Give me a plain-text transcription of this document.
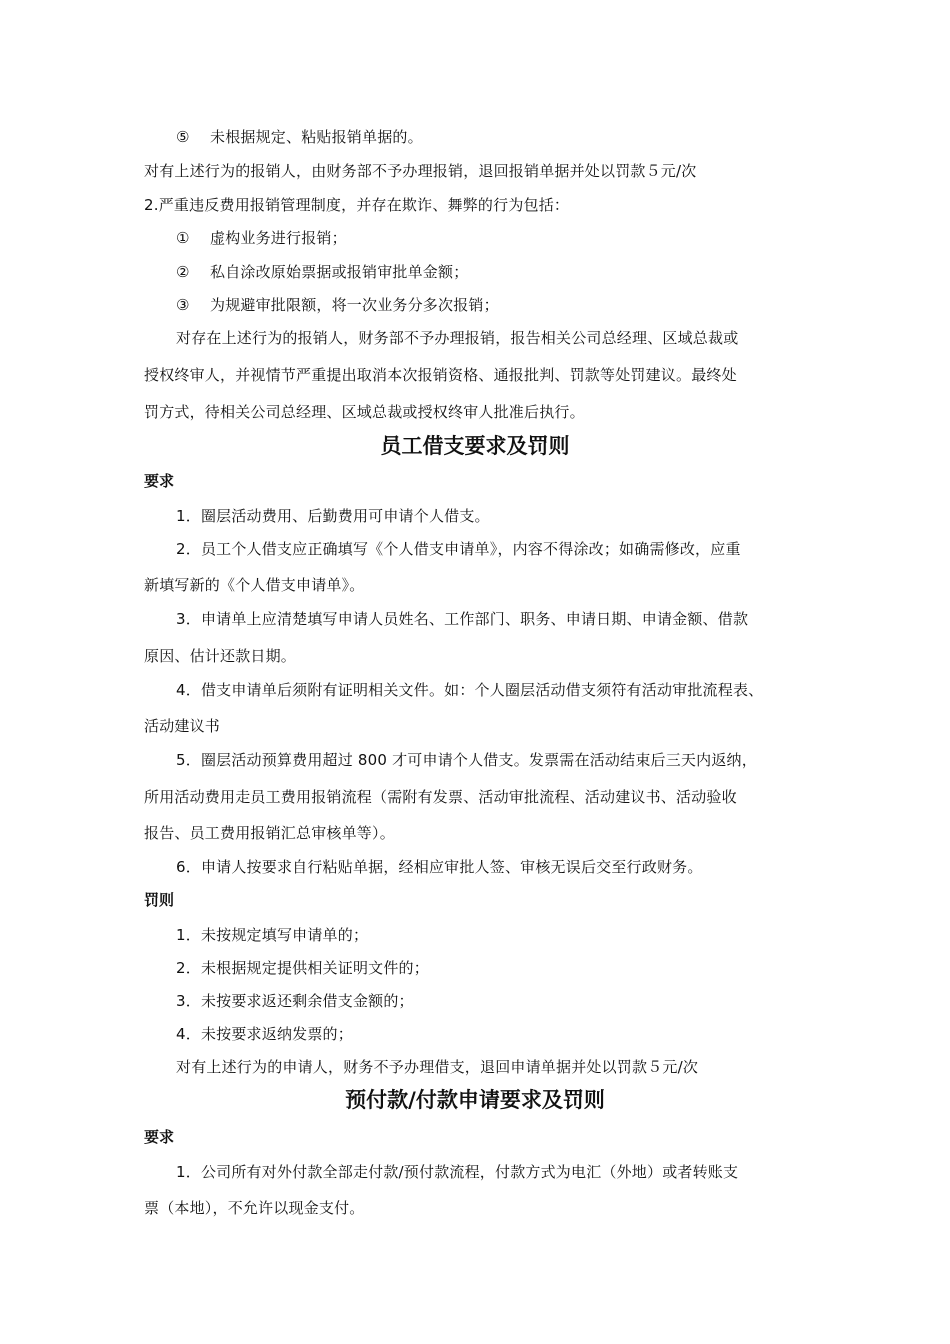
⑤ 未根据规定、粘贴报销单据的。
对有上述行为的报销人，由财务部不予办理报销，退回报销单据并处以罚款５元/次
2.严重违反费用报销管理制度，并存在欺诈、舞弊的行为包括：
① 虚构业务进行报销；
② 私自涂改原始票据或报销审批单金额；
③ 为规避审批限额，将一次业务分多次报销；
对存在上述行为的报销人，财务部不予办理报销，报告相关公司总经理、区域总裁或
授权终审人，并视情节严重提出取消本次报销资格、通报批判、罚款等处罚建议。最终处
罚方式，待相关公司总经理、区域总裁或授权终审人批准后执行。
员工借支要求及罚则
要求
1．圈层活动费用、后勤费用可申请个人借支。
2．员工个人借支应正确填写《个人借支申请单》，内容不得涂改；如确需修改，应重
新填写新的《个人借支申请单》。
3．申请单上应清楚填写申请人员姓名、工作部门、职务、申请日期、申请金额、借款
原因、估计还款日期。
4．借支申请单后须附有证明相关文件。如：个人圈层活动借支须符有活动审批流程表、
活动建议书
5．圈层活动预算费用超过 800 才可申请个人借支。发票需在活动结束后三天内返纳，
所用活动费用走员工费用报销流程（需附有发票、活动审批流程、活动建议书、活动验收
报告、员工费用报销汇总审核单等）。
6．申请人按要求自行粘贴单据，经相应审批人签、审核无误后交至行政财务。
罚则
1．未按规定填写申请单的；
2．未根据规定提供相关证明文件的；
3．未按要求返还剩余借支金额的；
4．未按要求返纳发票的；
对有上述行为的申请人，财务不予办理借支，退回申请单据并处以罚款５元/次
预付款/付款申请要求及罚则
要求
1．公司所有对外付款全部走付款/预付款流程，付款方式为电汇（外地）或者转账支
票（本地），不允许以现金支付。
